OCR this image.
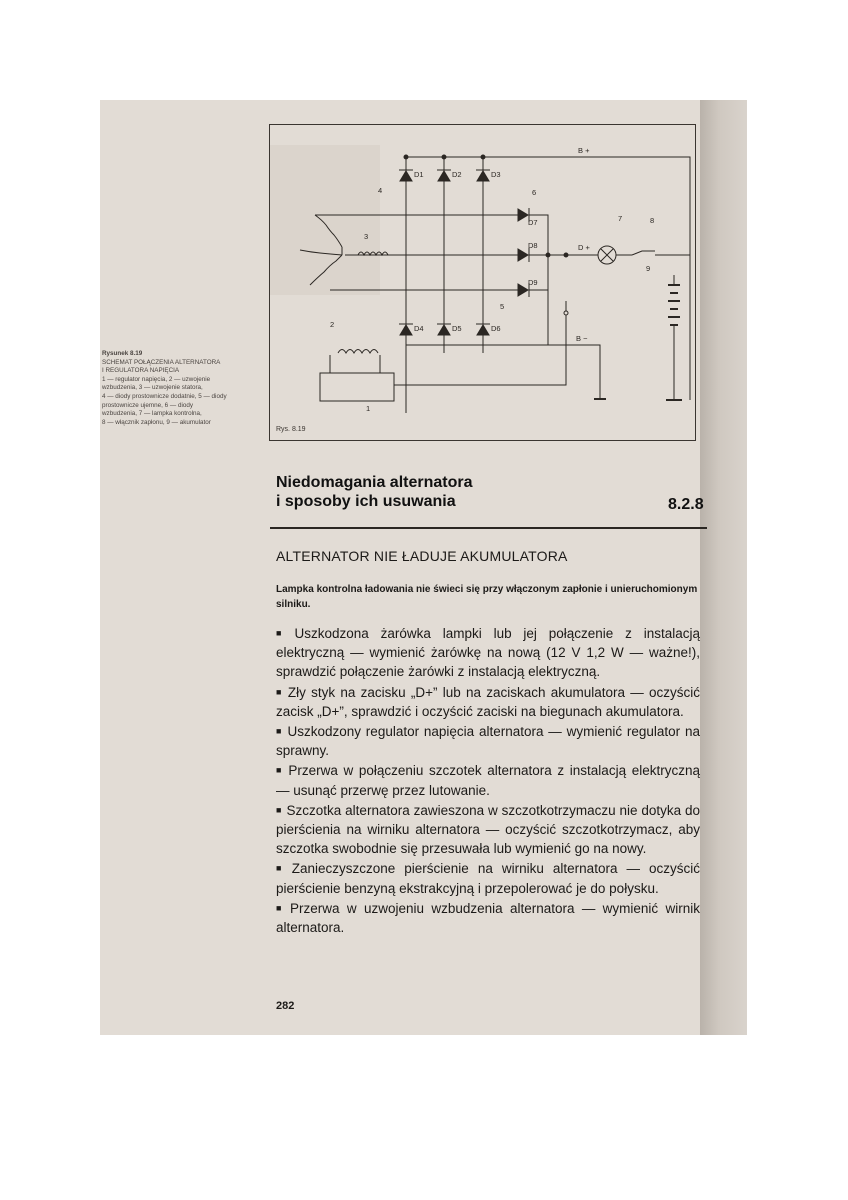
Rysunek 8.19
SCHEMAT POŁĄCZENIA ALTERNATORA
I REGULATORA NAPIĘCIA
1 — regulator napięcia, 2 — uzwojenie
wzbudzenia, 3 — uzwojenie statora,
4 — diody prostownicze dodatnie, 5 — diody
prostownicze ujemne, 6 — diody
wzbudzenia, 7 — lampka kontrolna,
8 — włącznik zapłonu, 9 — akumulator
D1	D2	D3
D4	D5	D6
D7
D8
D9
B +
B −
D +
1
2
3
4
5
6
7	8
9
Rys. 8.19
Niedomagania alternatora
i sposoby ich usuwania	8.2.8
ALTERNATOR NIE ŁADUJE AKUMULATORA
Lampka kontrolna ładowania nie świeci się przy włączonym zapłonie i unieruchomionym silniku.
■ Uszkodzona żarówka lampki lub jej połączenie z instalacją elektryczną — wymienić żarówkę na nową (12 V 1,2 W — ważne!), sprawdzić połączenie żarówki z instalacją elektryczną.
■ Zły styk na zacisku „D+” lub na zaciskach akumulatora — oczyścić zacisk „D+”, sprawdzić i oczyścić zaciski na biegunach akumulatora.
■ Uszkodzony regulator napięcia alternatora — wymienić regulator na sprawny.
■ Przerwa w połączeniu szczotek alternatora z instalacją elektryczną — usunąć przerwę przez lutowanie.
■ Szczotka alternatora zawieszona w szczotkotrzymaczu nie dotyka do pierścienia na wirniku alternatora — oczyścić szczotkotrzymacz, aby szczotka swobodnie się przesuwała lub wymienić go na nowy.
■ Zanieczyszczone pierścienie na wirniku alternatora — oczyścić pierścienie benzyną ekstrakcyjną i przepolerować je do połysku.
■ Przerwa w uzwojeniu wzbudzenia alternatora — wymienić wirnik alternatora.
282
